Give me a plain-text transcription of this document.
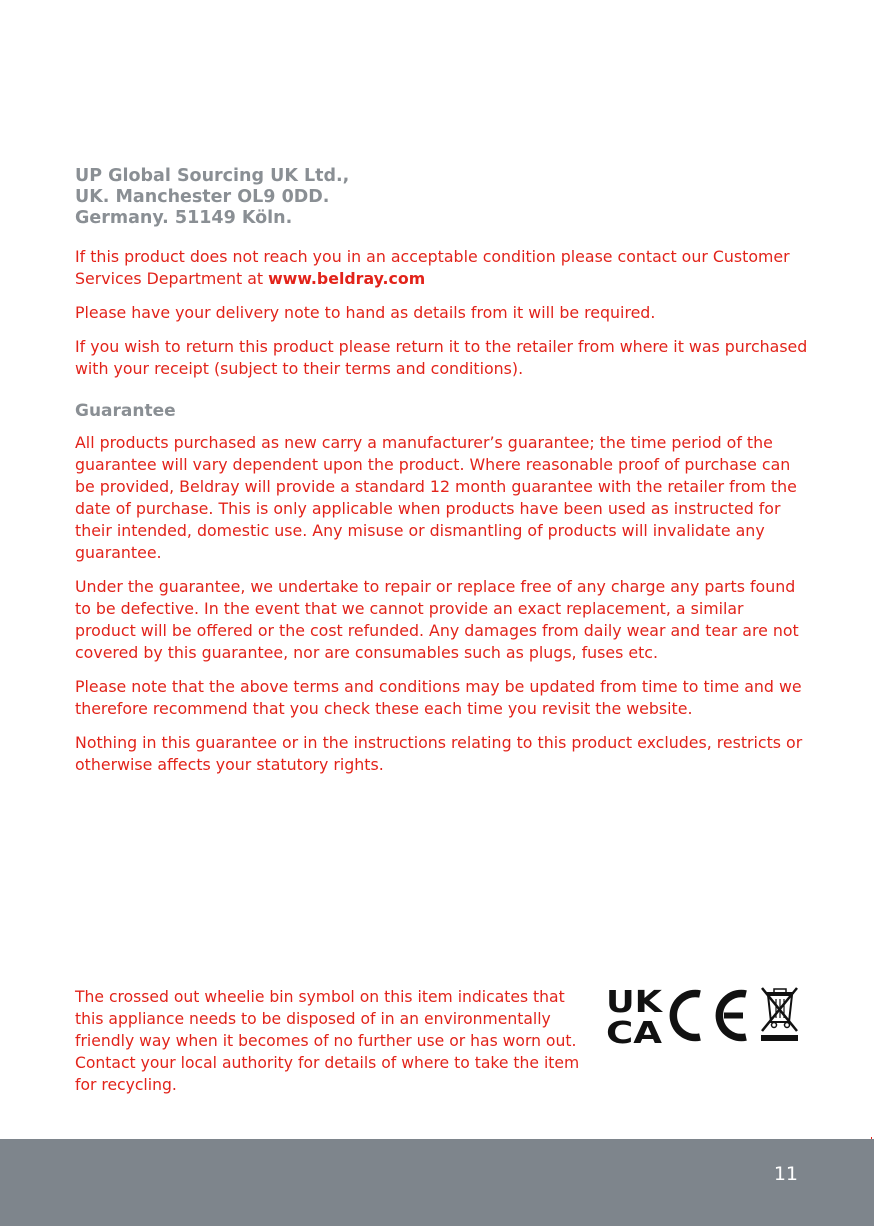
UP Global Sourcing UK Ltd.,
UK. Manchester OL9 0DD.
Germany. 51149 Köln.

If this product does not reach you in an acceptable condition please contact our Customer Services Department at www.beldray.com

Please have your delivery note to hand as details from it will be required.

If you wish to return this product please return it to the retailer from where it was purchased with your receipt (subject to their terms and conditions).

Guarantee

All products purchased as new carry a manufacturer’s guarantee; the time period of the guarantee will vary dependent upon the product. Where reasonable proof of purchase can be provided, Beldray will provide a standard 12 month guarantee with the retailer from the date of purchase. This is only applicable when products have been used as instructed for their intended, domestic use. Any misuse or dismantling of products will invalidate any guarantee.

Under the guarantee, we undertake to repair or replace free of any charge any parts found to be defective. In the event that we cannot provide an exact replacement, a similar product will be offered or the cost refunded. Any damages from daily wear and tear are not covered by this guarantee, nor are consumables such as plugs, fuses etc.

Please note that the above terms and conditions may be updated from time to time and we therefore recommend that you check these each time you revisit the website.

Nothing in this guarantee or in the instructions relating to this product excludes, restricts or otherwise affects your statutory rights.

The crossed out wheelie bin symbol on this item indicates that this appliance needs to be disposed of in an environmentally friendly way when it becomes of no further use or has worn out. Contact your local authority for details of where to take the item for recycling.
UK
CA
11
